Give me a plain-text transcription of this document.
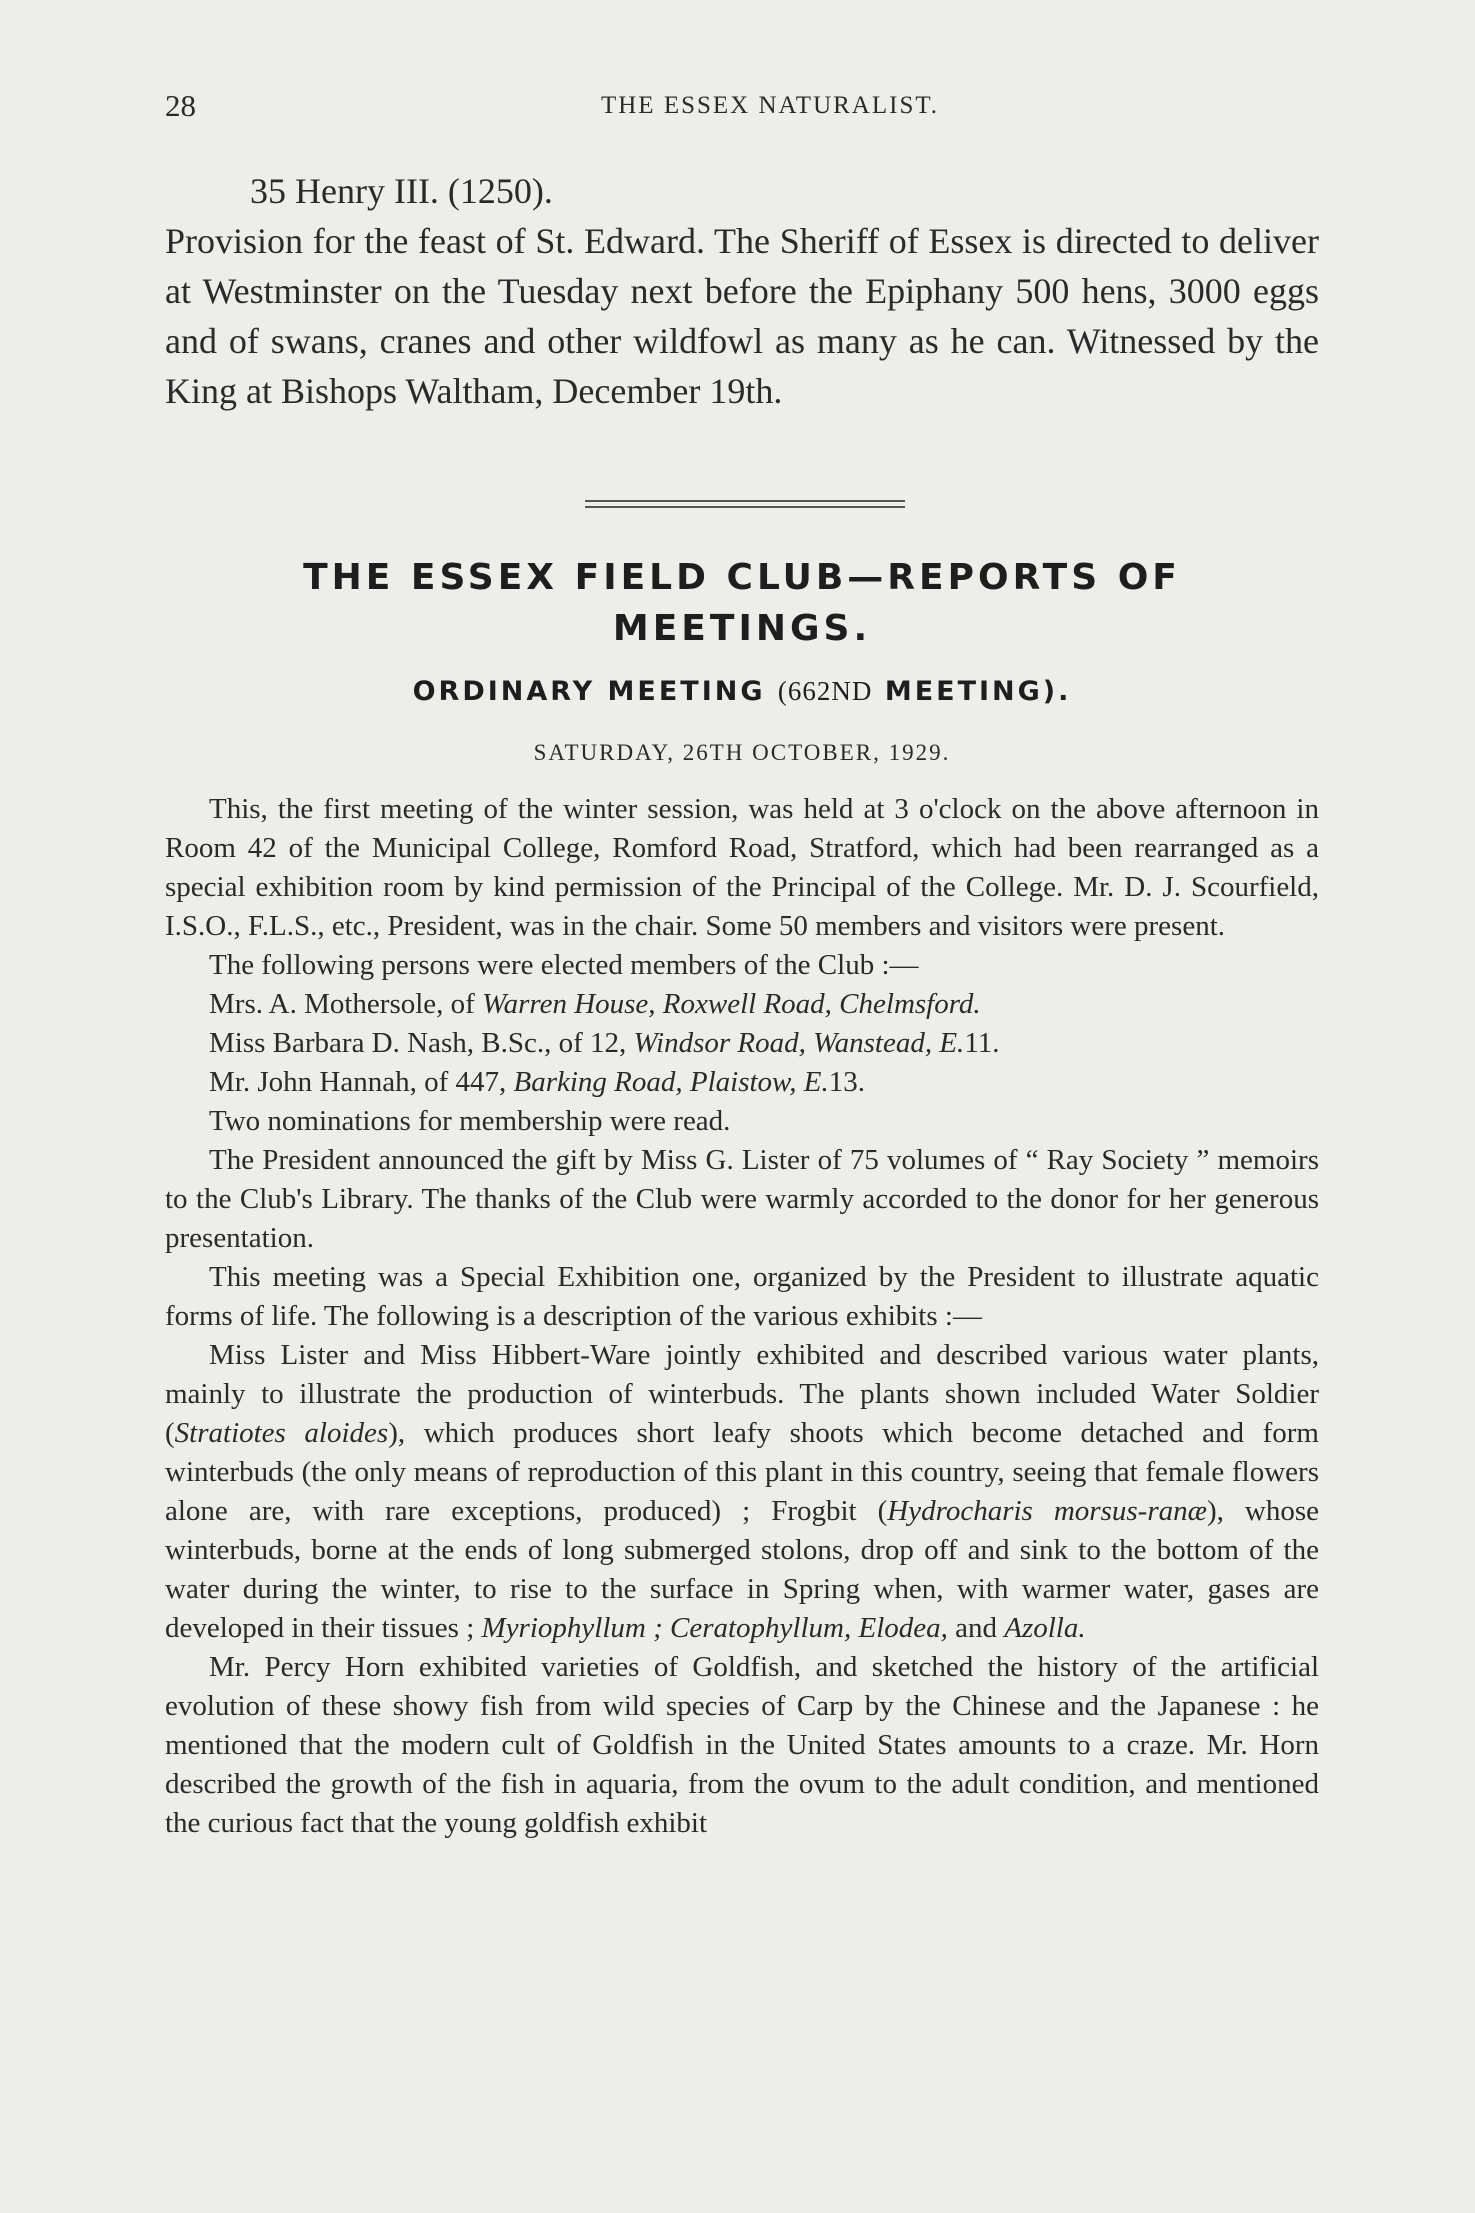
28	THE ESSEX NATURALIST.

35 Henry III. (1250).

Provision for the feast of St. Edward. The Sheriff of Essex is directed to deliver at Westminster on the Tuesday next before the Epiphany 500 hens, 3000 eggs and of swans, cranes and other wildfowl as many as he can. Witnessed by the King at Bishops Waltham, December 19th.

THE ESSEX FIELD CLUB—REPORTS OF
MEETINGS.
ORDINARY MEETING (662ND MEETING).
SATURDAY, 26TH OCTOBER, 1929.

This, the first meeting of the winter session, was held at 3 o'clock on the above afternoon in Room 42 of the Municipal College, Romford Road, Stratford, which had been rearranged as a special exhibition room by kind permission of the Principal of the College. Mr. D. J. Scourfield, I.S.O., F.L.S., etc., President, was in the chair. Some 50 members and visitors were present.

The following persons were elected members of the Club :—

Mrs. A. Mothersole, of Warren House, Roxwell Road, Chelmsford.

Miss Barbara D. Nash, B.Sc., of 12, Windsor Road, Wanstead, E.11.

Mr. John Hannah, of 447, Barking Road, Plaistow, E.13.

Two nominations for membership were read.

The President announced the gift by Miss G. Lister of 75 volumes of “ Ray Society ” memoirs to the Club's Library. The thanks of the Club were warmly accorded to the donor for her generous presentation.

This meeting was a Special Exhibition one, organized by the President to illustrate aquatic forms of life. The following is a description of the various exhibits :—

Miss Lister and Miss Hibbert-Ware jointly exhibited and described various water plants, mainly to illustrate the production of winterbuds. The plants shown included Water Soldier (Stratiotes aloides), which produces short leafy shoots which become detached and form winterbuds (the only means of reproduction of this plant in this country, seeing that female flowers alone are, with rare exceptions, produced) ; Frogbit (Hydrocharis morsus-ranæ), whose winterbuds, borne at the ends of long submerged stolons, drop off and sink to the bottom of the water during the winter, to rise to the surface in Spring when, with warmer water, gases are developed in their tissues ; Myriophyllum ; Ceratophyllum, Elodea, and Azolla.

Mr. Percy Horn exhibited varieties of Goldfish, and sketched the history of the artificial evolution of these showy fish from wild species of Carp by the Chinese and the Japanese : he mentioned that the modern cult of Goldfish in the United States amounts to a craze. Mr. Horn described the growth of the fish in aquaria, from the ovum to the adult condition, and mentioned the curious fact that the young goldfish exhibit
